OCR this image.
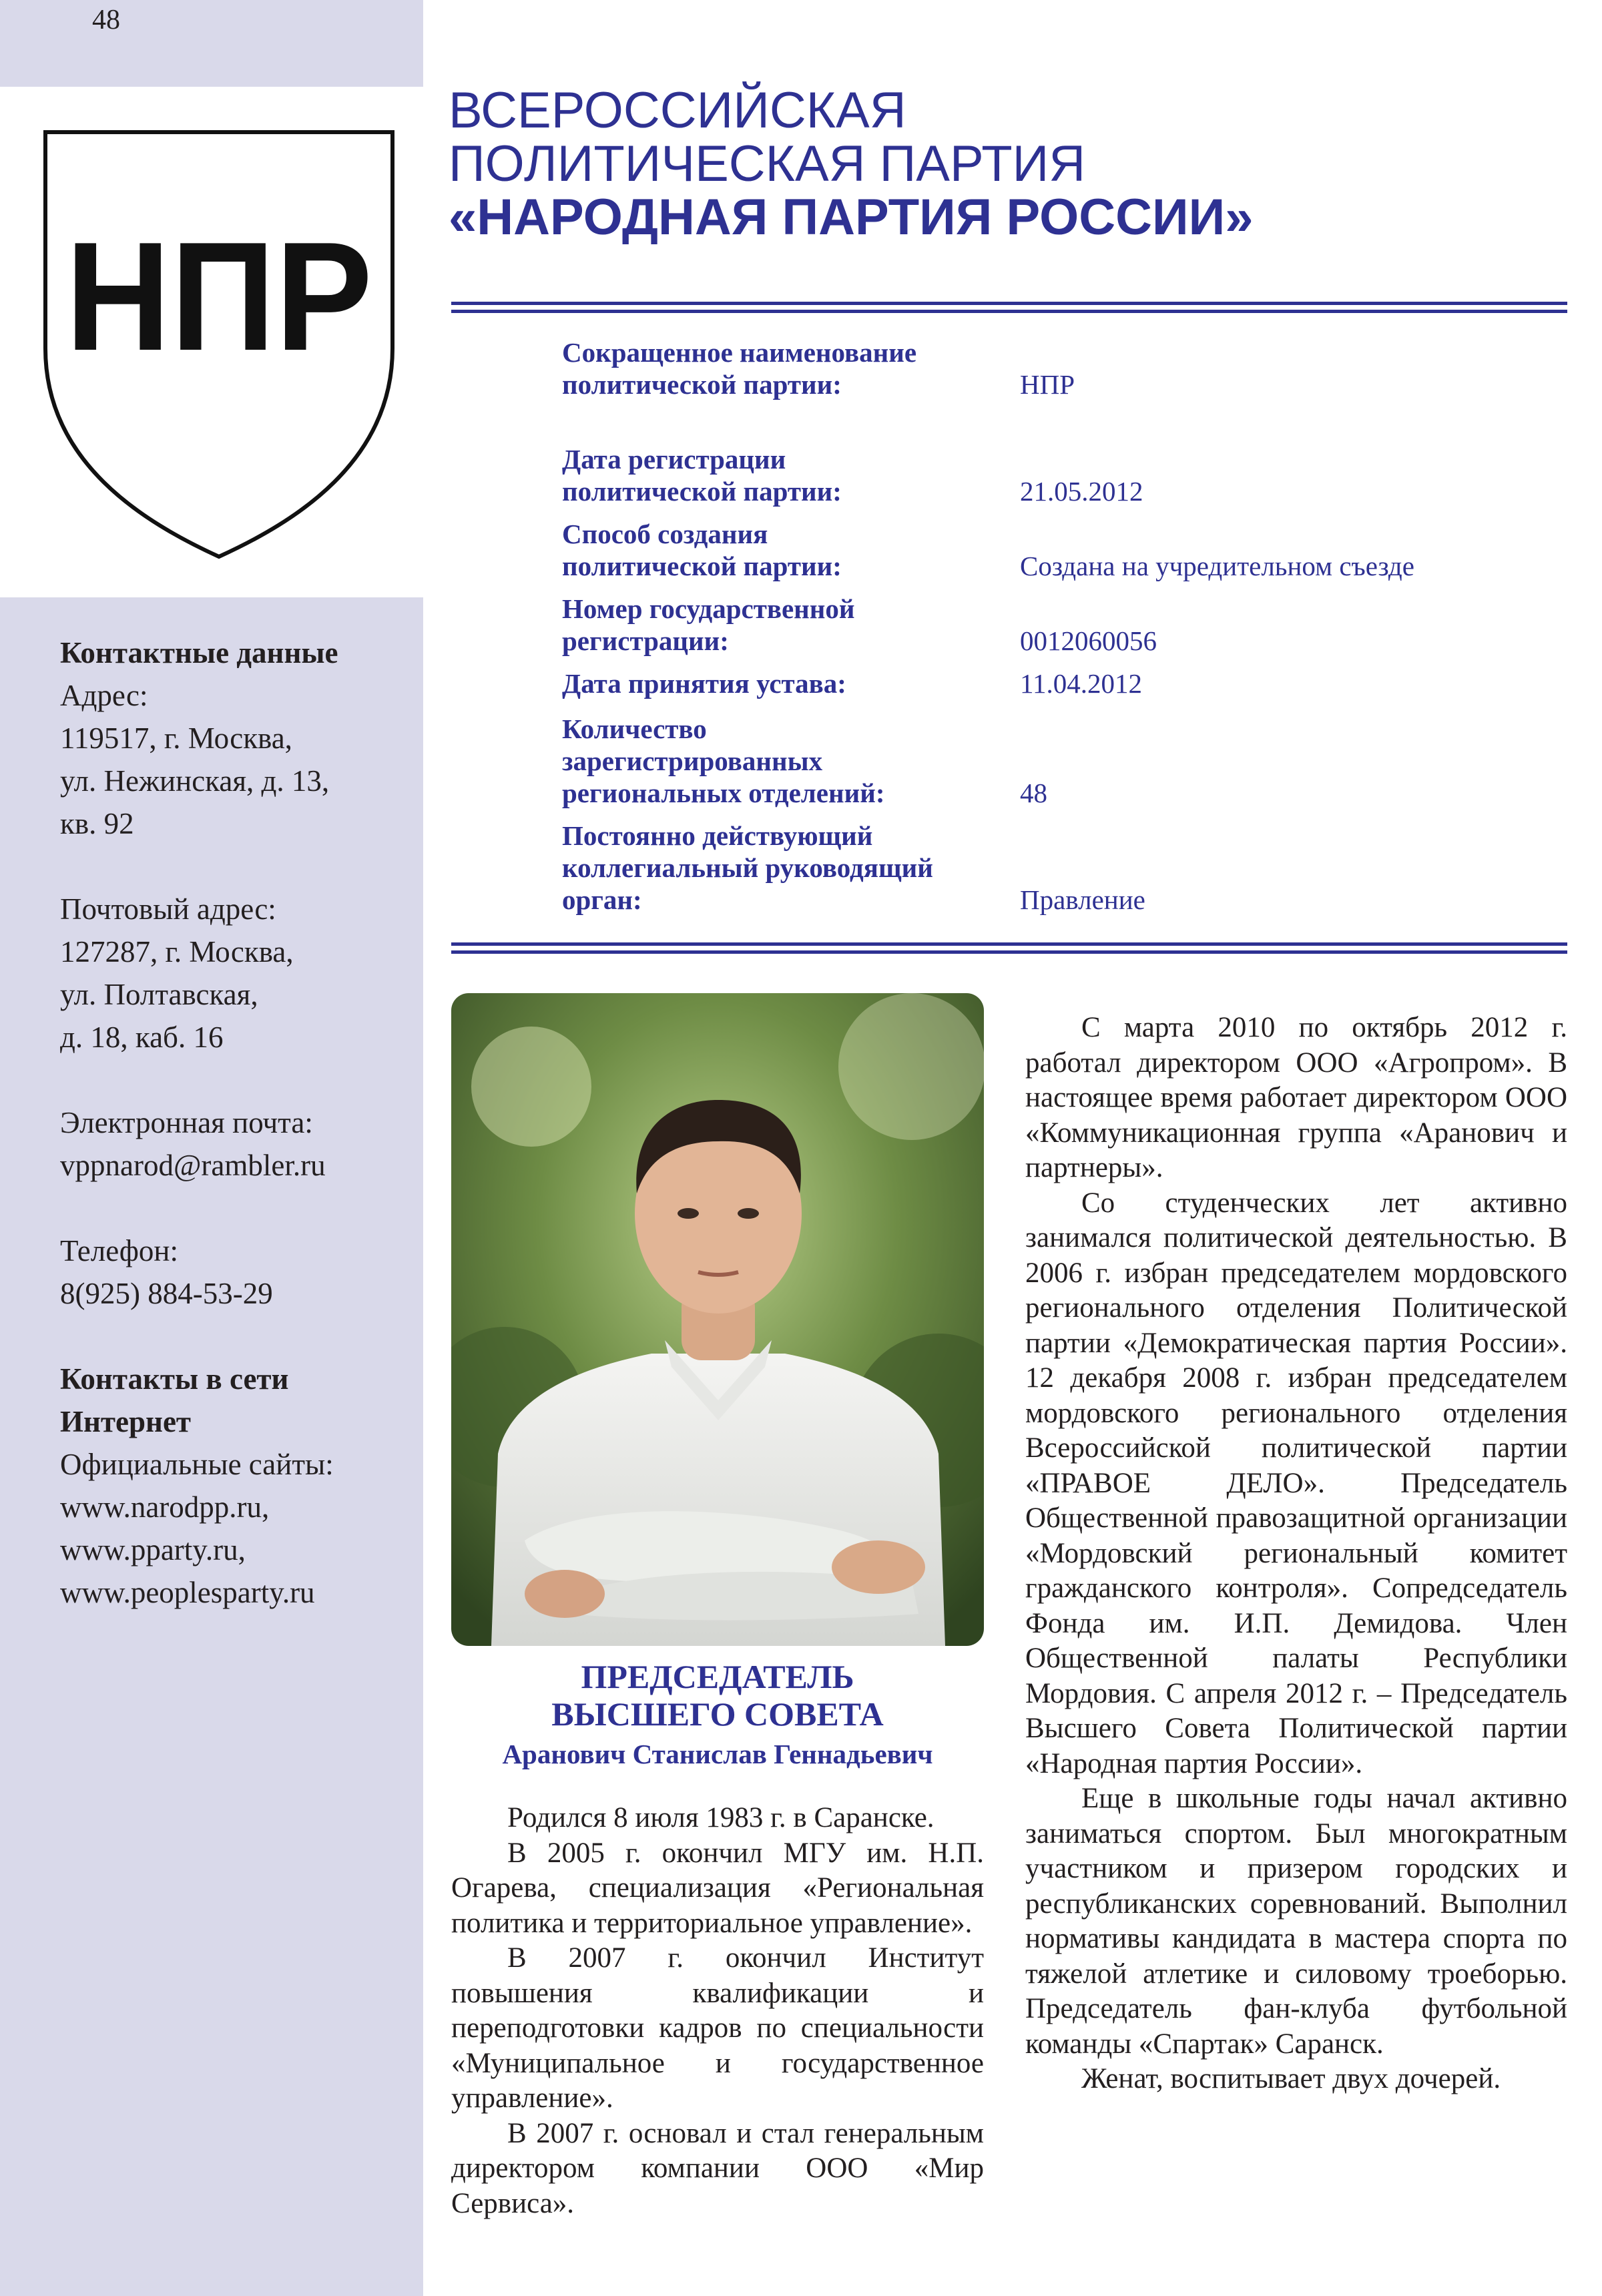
48
НПР
Контактные данные
Адрес:
119517, г. Москва,
ул. Нежинская, д. 13,
кв. 92
Почтовый адрес:
127287, г. Москва,
ул. Полтавская,
д. 18, каб. 16
Электронная почта:
vppnarod@rambler.ru
Телефон:
8(925) 884-53-29
Контакты в сети
Интернет
Официальные сайты:
www.narodpp.ru,
www.pparty.ru,
www.peoplesparty.ru
ВСЕРОССИЙСКАЯ
ПОЛИТИЧЕСКАЯ ПАРТИЯ
«НАРОДНАЯ ПАРТИЯ РОССИИ»
Сокращенное наименование
политической партии:	НПР
Дата регистрации
политической партии:	21.05.2012
Способ создания
политической партии:	Создана на учредительном съезде
Номер государственной
регистрации:	0012060056
Дата принятия устава:	11.04.2012
Количество
зарегистрированных
региональных отделений:	48
Постоянно действующий
коллегиальный руководящий
орган:	Правление
ПРЕДСЕДАТЕЛЬ
ВЫСШЕГО СОВЕТА
Аранович Станислав Геннадьевич

Родился 8 июля 1983 г. в Саранске.

В 2005 г. окончил МГУ им. Н.П. Огарева, специализация «Региональная политика и территориальное управление».

В 2007 г. окончил Институт повышения квалификации и переподготовки кадров по специальности «Муниципальное и государственное управление».

В 2007 г. основал и стал генеральным директором компании ООО «Мир Сервиса».

С марта 2010 по октябрь 2012 г. работал директором ООО «Агропром». В настоящее время работает директором ООО «Коммуникационная группа «Аранович и партнеры».

Со студенческих лет активно занимался политической деятельностью. В 2006 г. избран председателем мордовского регионального отделения Политической партии «Демократическая партия России». 12 декабря 2008 г. избран председателем мордовского регионального отделения Всероссийской политической партии «ПРАВОЕ ДЕЛО». Председатель Общественной правозащитной организации «Мордовский региональный комитет гражданского контроля». Сопредседатель Фонда им. И.П. Демидова. Член Общественной палаты Республики Мордовия. С апреля 2012 г. – Председатель Высшего Совета Политической партии «Народная партия России».

Еще в школьные годы начал активно заниматься спортом. Был многократным участником и призером городских и республиканских соревнований. Выполнил нормативы кандидата в мастера спорта по тяжелой атлетике и силовому троеборью. Председатель фан-клуба футбольной команды «Спартак» Саранск.

Женат, воспитывает двух дочерей.
